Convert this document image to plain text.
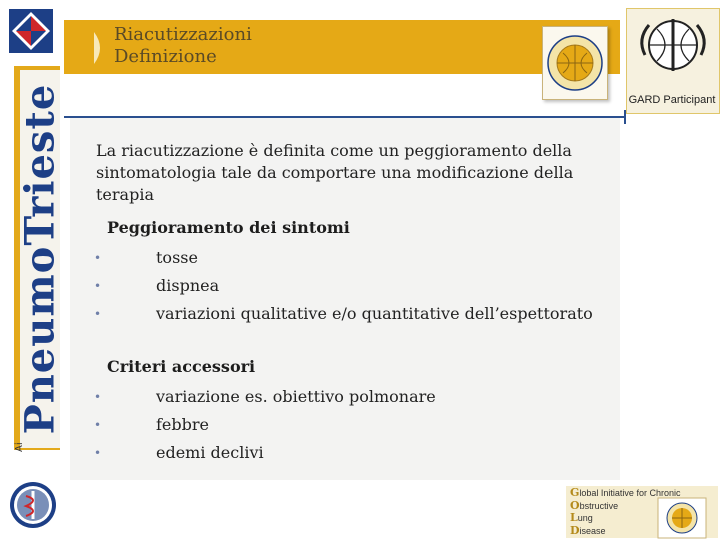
PneumoTrieste
Ai
Riacutizzazioni
Definizione
GARD Participant
La riacutizzazione è definita come un peggioramento della sintomatologia tale da comportare una modificazione della terapia
Peggioramento dei sintomi
•	tosse
•	dispnea
•	variazioni qualitative e/o quantitative dell’espettorato
Criteri accessori
•	variazione es. obiettivo polmonare
•	febbre
•	edemi declivi
Global Initiative for Chronic
Obstructive
Lung
Disease
